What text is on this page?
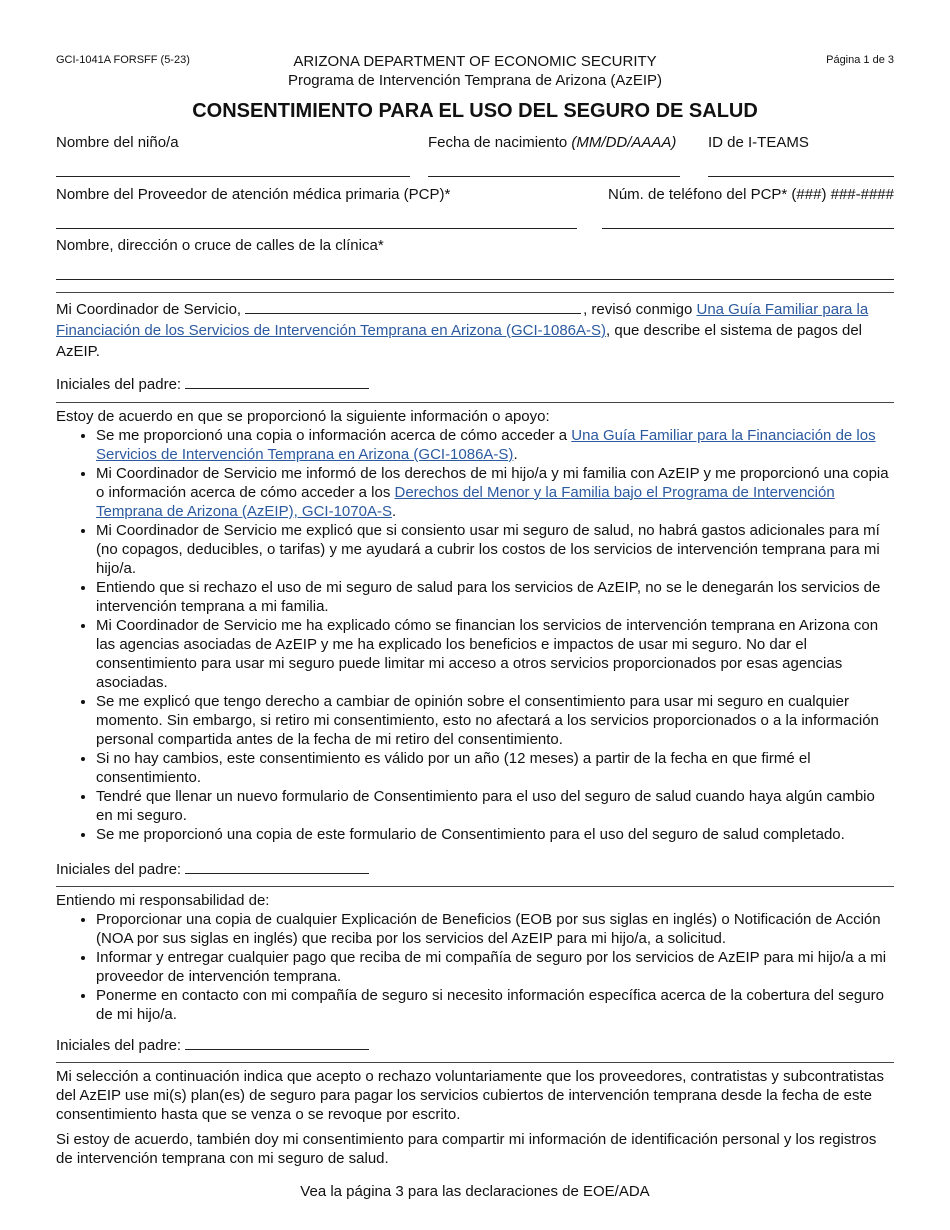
GCI-1041A FORSFF (5-23)	Página 1 de 3
ARIZONA DEPARTMENT OF ECONOMIC SECURITY
Programa de Intervención Temprana de Arizona (AzEIP)
CONSENTIMIENTO PARA EL USO DEL SEGURO DE SALUD
Nombre del niño/a	Fecha de nacimiento (MM/DD/AAAA) ID de I-TEAMS
Nombre del Proveedor de atención médica primaria (PCP)*	Núm. de teléfono del PCP* (###) ###-####
Nombre, dirección o cruce de calles de la clínica*
Mi Coordinador de Servicio,	, revisó conmigo Una Guía Familiar para la Financiación de los Servicios de Intervención Temprana en Arizona (GCI-1086A-S), que describe el sistema de pagos del AzEIP.
Iniciales del padre:
Estoy de acuerdo en que se proporcionó la siguiente información o apoyo:
• Se me proporcionó una copia o información acerca de cómo acceder a Una Guía Familiar para la Financiación de los Servicios de Intervención Temprana en Arizona (GCI-1086A-S).
• Mi Coordinador de Servicio me informó de los derechos de mi hijo/a y mi familia con AzEIP y me proporcionó una copia o información acerca de cómo acceder a los Derechos del Menor y la Familia bajo el Programa de Intervención Temprana de Arizona (AzEIP), GCI-1070A-S.
• Mi Coordinador de Servicio me explicó que si consiento usar mi seguro de salud, no habrá gastos adicionales para mí (no copagos, deducibles, o tarifas) y me ayudará a cubrir los costos de los servicios de intervención temprana para mi hijo/a.
• Entiendo que si rechazo el uso de mi seguro de salud para los servicios de AzEIP, no se le denegarán los servicios de intervención temprana a mi familia.
• Mi Coordinador de Servicio me ha explicado cómo se financian los servicios de intervención temprana en Arizona con las agencias asociadas de AzEIP y me ha explicado los beneficios e impactos de usar mi seguro. No dar el consentimiento para usar mi seguro puede limitar mi acceso a otros servicios proporcionados por esas agencias asociadas.
• Se me explicó que tengo derecho a cambiar de opinión sobre el consentimiento para usar mi seguro en cualquier momento. Sin embargo, si retiro mi consentimiento, esto no afectará a los servicios proporcionados o a la información personal compartida antes de la fecha de mi retiro del consentimiento.
• Si no hay cambios, este consentimiento es válido por un año (12 meses) a partir de la fecha en que firmé el consentimiento.
• Tendré que llenar un nuevo formulario de Consentimiento para el uso del seguro de salud cuando haya algún cambio en mi seguro.
• Se me proporcionó una copia de este formulario de Consentimiento para el uso del seguro de salud completado.
Iniciales del padre:
Entiendo mi responsabilidad de:
• Proporcionar una copia de cualquier Explicación de Beneficios (EOB por sus siglas en inglés) o Notificación de Acción (NOA por sus siglas en inglés) que reciba por los servicios del AzEIP para mi hijo/a, a solicitud.
• Informar y entregar cualquier pago que reciba de mi compañía de seguro por los servicios de AzEIP para mi hijo/a a mi proveedor de intervención temprana.
• Ponerme en contacto con mi compañía de seguro si necesito información específica acerca de la cobertura del seguro de mi hijo/a.
Iniciales del padre:
Mi selección a continuación indica que acepto o rechazo voluntariamente que los proveedores, contratistas y subcontratistas del AzEIP use mi(s) plan(es) de seguro para pagar los servicios cubiertos de intervención temprana desde la fecha de este consentimiento hasta que se venza o se revoque por escrito.
Si estoy de acuerdo, también doy mi consentimiento para compartir mi información de identificación personal y los registros de intervención temprana con mi seguro de salud.
Vea la página 3 para las declaraciones de EOE/ADA
